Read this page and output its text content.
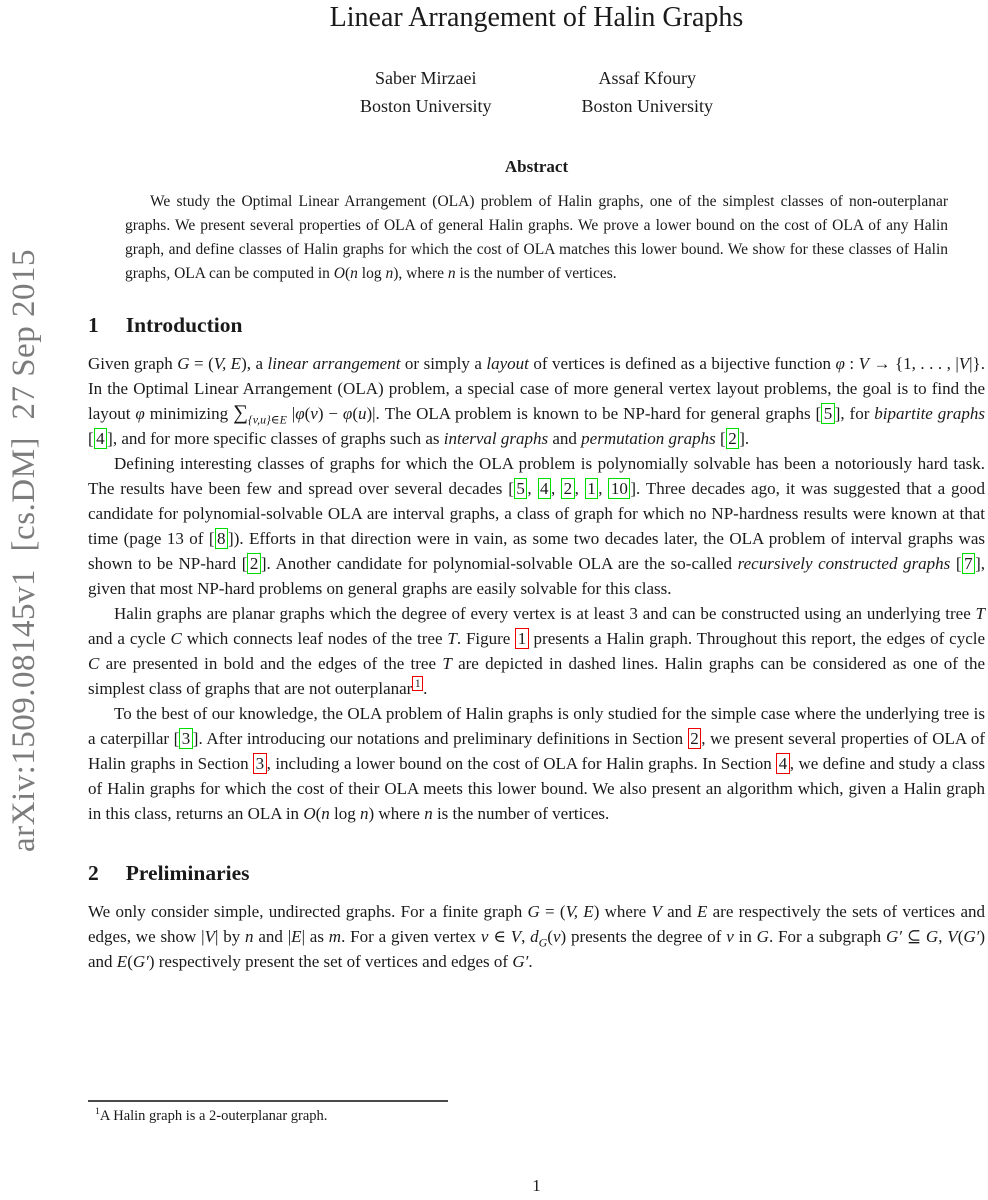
arXiv:1509.08145v1  [cs.DM]  27 Sep 2015
Linear Arrangement of Halin Graphs
Saber Mirzaei
Boston University
Assaf Kfoury
Boston University
Abstract

We study the Optimal Linear Arrangement (OLA) problem of Halin graphs, one of the simplest classes of non-outerplanar graphs. We present several properties of OLA of general Halin graphs. We prove a lower bound on the cost of OLA of any Halin graph, and define classes of Halin graphs for which the cost of OLA matches this lower bound. We show for these classes of Halin graphs, OLA can be computed in O(n log n), where n is the number of vertices.

1 Introduction

Given graph G = (V, E), a linear arrangement or simply a layout of vertices is defined as a bijective function φ : V → {1, . . . , |V|}. In the Optimal Linear Arrangement (OLA) problem, a special case of more general vertex layout problems, the goal is to find the layout φ minimizing $\sum_{\{v,u\}\in E}$ |φ(v) − φ(u)|. The OLA problem is known to be NP-hard for general graphs [ 5 ], for bipartite graphs [ 4 ], and for more specific classes of graphs such as interval graphs and permutation graphs [ 2 ].

Defining interesting classes of graphs for which the OLA problem is polynomially solvable has been a notoriously hard task. The results have been few and spread over several decades [ 5 , 4 , 2 , 1 , 10 ]. Three decades ago, it was suggested that a good candidate for polynomial-solvable OLA are interval graphs, a class of graph for which no NP-hardness results were known at that time (page 13 of [ 8 ]). Efforts in that direction were in vain, as some two decades later, the OLA problem of interval graphs was shown to be NP-hard [ 2 ]. Another candidate for polynomial-solvable OLA are the so-called recursively constructed graphs [ 7 ], given that most NP-hard problems on general graphs are easily solvable for this class.

Halin graphs are planar graphs which the degree of every vertex is at least 3 and can be constructed using an underlying tree T and a cycle C which connects leaf nodes of the tree T. Figure 1 presents a Halin graph. Throughout this report, the edges of cycle C are presented in bold and the edges of the tree T are depicted in dashed lines. Halin graphs can be considered as one of the simplest class of graphs that are not outerplanar $^1$ .

To the best of our knowledge, the OLA problem of Halin graphs is only studied for the simple case where the underlying tree is a caterpillar [ 3 ]. After introducing our notations and preliminary definitions in Section 2 , we present several properties of OLA of Halin graphs in Section 3 , including a lower bound on the cost of OLA for Halin graphs. In Section 4 , we define and study a class of Halin graphs for which the cost of their OLA meets this lower bound. We also present an algorithm which, given a Halin graph in this class, returns an OLA in O(n log n) where n is the number of vertices.

2 Preliminaries

We only consider simple, undirected graphs. For a finite graph G = (V, E) where V and E are respectively the sets of vertices and edges, we show |V| by n and |E| as m. For a given vertex v ∈ V, $d_G(v)$ presents the degree of v in G. For a subgraph G′ ⊆ G, V(G′) and E(G′) respectively present the set of vertices and edges of G′.

$^1$A Halin graph is a 2-outerplanar graph.

1
